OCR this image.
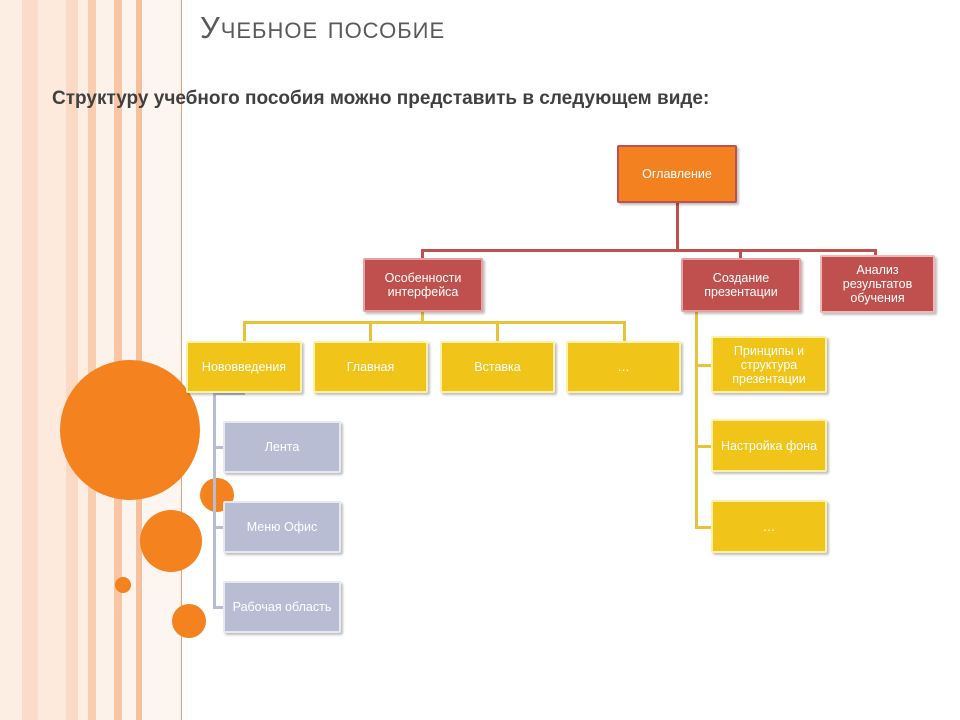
Учебное пособие
Структуру учебного пособия можно представить в следующем виде:
Оглавление
Особенности интерфейса
Создание презентации
Анализ результатов обучения
Нововведения	Главная	Вставка	…
Лента
Меню Офис
Рабочая область
Принципы и структура презентации
Настройка фона
…
